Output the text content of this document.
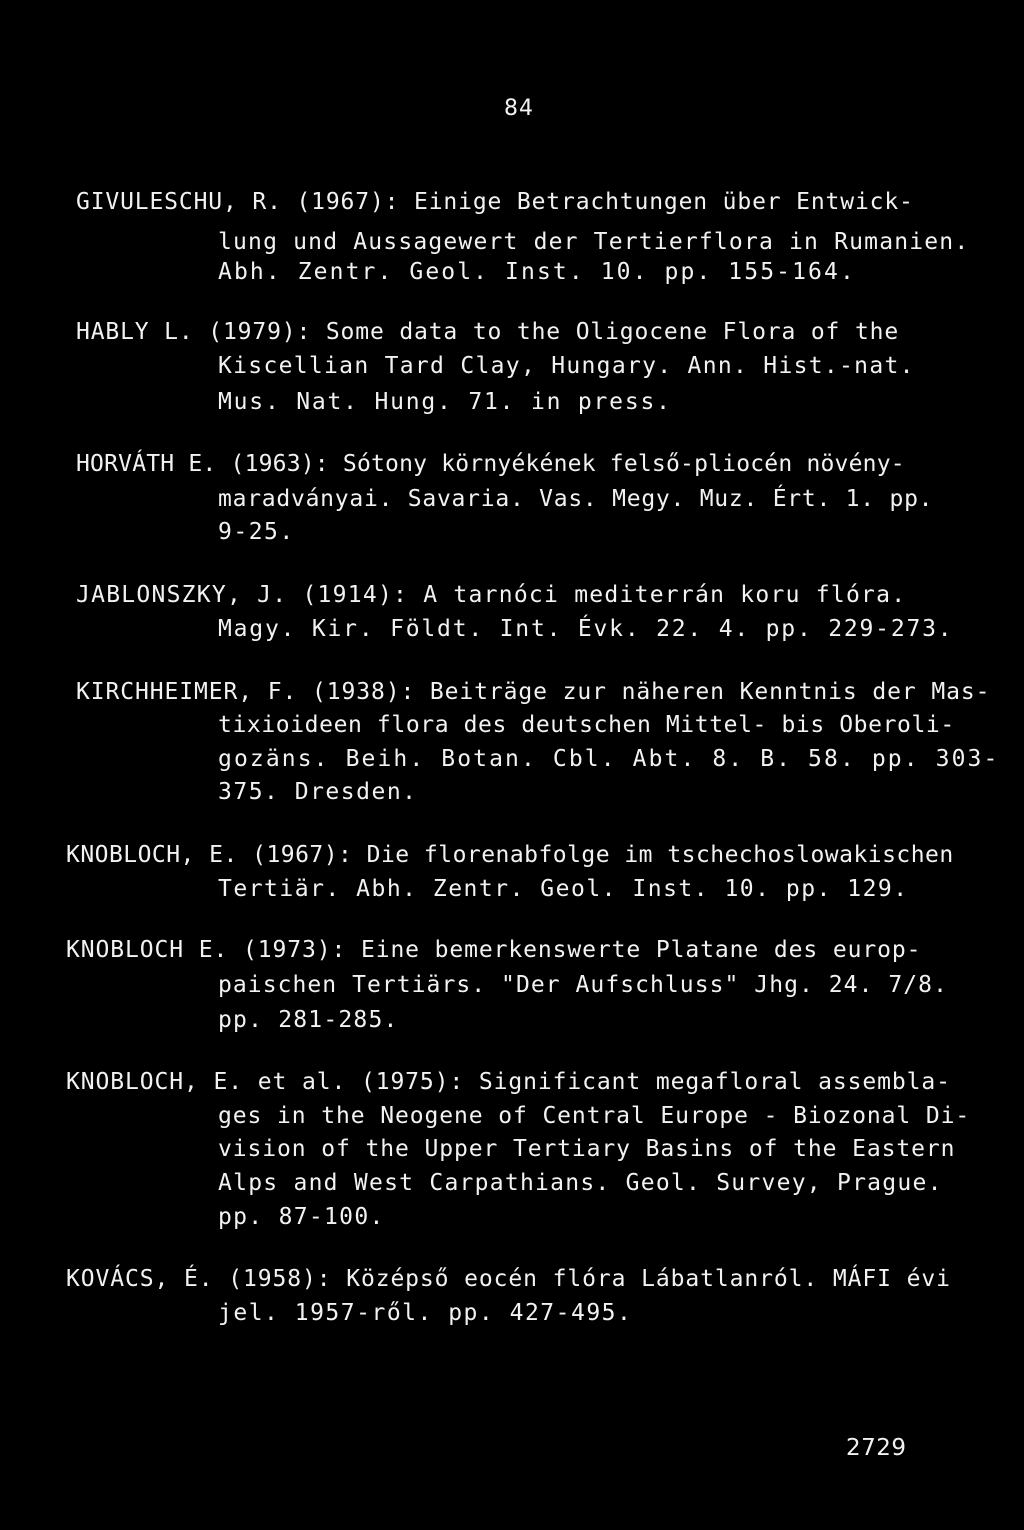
84
GIVULESCHU, R. (1967): Einige Betrachtungen über Entwick-
lung und Aussagewert der Tertierflora in Rumanien.
Abh. Zentr. Geol. Inst. 10. pp. 155-164.
HABLY L. (1979): Some data to the Oligocene Flora of the
Kiscellian Tard Clay, Hungary. Ann. Hist.-nat.
Mus. Nat. Hung. 71. in press.
HORVÁTH E. (1963): Sótony környékének felső-pliocén növény-
maradványai. Savaria. Vas. Megy. Muz. Ért. 1. pp.
9-25.
JABLONSZKY, J. (1914): A tarnóci mediterrán koru flóra.
Magy. Kir. Földt. Int. Évk. 22. 4. pp. 229-273.
KIRCHHEIMER, F. (1938): Beiträge zur näheren Kenntnis der Mas-
tixioideen flora des deutschen Mittel- bis Oberoli-
gozäns. Beih. Botan. Cbl. Abt. 8. B. 58. pp. 303-
375. Dresden.
KNOBLOCH, E. (1967): Die florenabfolge im tschechoslowakischen
Tertiär. Abh. Zentr. Geol. Inst. 10. pp. 129.
KNOBLOCH E. (1973): Eine bemerkenswerte Platane des europ-
paischen Tertiärs. "Der Aufschluss" Jhg. 24. 7/8.
pp. 281-285.
KNOBLOCH, E. et al. (1975): Significant megafloral assembla-
ges in the Neogene of Central Europe - Biozonal Di-
vision of the Upper Tertiary Basins of the Eastern
Alps and West Carpathians. Geol. Survey, Prague.
pp. 87-100.
KOVÁCS, É. (1958): Középső eocén flóra Lábatlanról. MÁFI évi
jel. 1957-ről. pp. 427-495.
2729
